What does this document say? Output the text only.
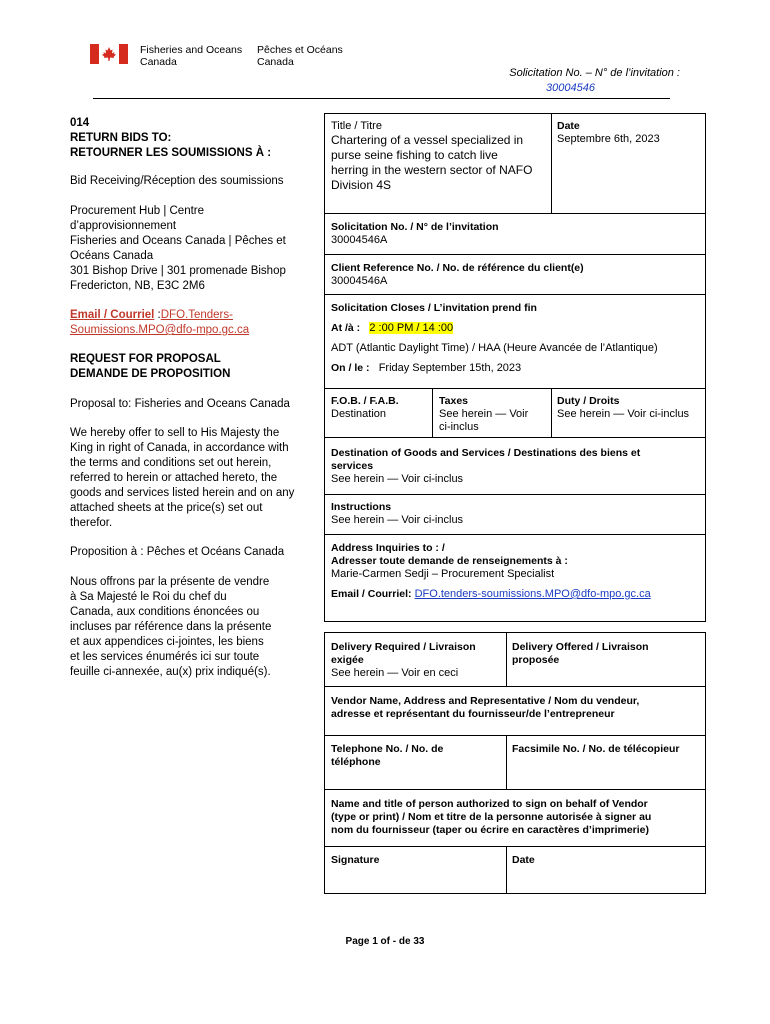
Fisheries and Oceans
Canada
Pêches et Océans
Canada
Solicitation No. – N° de l’invitation :
30004546
014
RETURN BIDS TO:
RETOURNER LES SOUMISSIONS À :
Bid Receiving/Réception des soumissions
Procurement Hub | Centre
d’approvisionnement
Fisheries and Oceans Canada | Pêches et
Océans Canada
301 Bishop Drive | 301 promenade Bishop
Fredericton, NB, E3C 2M6
Email / Courriel :DFO.Tenders-
Soumissions.MPO@dfo-mpo.gc.ca
REQUEST FOR PROPOSAL
DEMANDE DE PROPOSITION
Proposal to: Fisheries and Oceans Canada
We hereby offer to sell to His Majesty the
King in right of Canada, in accordance with
the terms and conditions set out herein,
referred to herein or attached hereto, the
goods and services listed herein and on any
attached sheets at the price(s) set out
therefor.
Proposition à : Pêches et Océans Canada
Nous offrons par la présente de vendre
à Sa Majesté le Roi du chef du
Canada, aux conditions énoncées ou
incluses par référence dans la présente
et aux appendices ci-jointes, les biens
et les services énumérés ici sur toute
feuille ci-annexée, au(x) prix indiqué(s).
Title / Titre
Chartering of a vessel specialized in
purse seine fishing to catch live
herring in the western sector of NAFO
Division 4S
Date
Septembre 6th, 2023
Solicitation No. / N° de l’invitation
30004546A
Client Reference No. / No. de référence du client(e)
30004546A
Solicitation Closes / L’invitation prend fin
At /à : 2 :00 PM / 14 :00
ADT (Atlantic Daylight Time) / HAA (Heure Avancée de l’Atlantique)
On / le : Friday September 15th, 2023
F.O.B. / F.A.B.
Destination
Taxes
See herein — Voir
ci-inclus
Duty / Droits
See herein — Voir ci-inclus
Destination of Goods and Services / Destinations des biens et
services
See herein — Voir ci-inclus
Instructions
See herein — Voir ci-inclus
Address Inquiries to : /
Adresser toute demande de renseignements à :
Marie-Carmen Sedji – Procurement Specialist
Email / Courriel: DFO.tenders-soumissions.MPO@dfo-mpo.gc.ca
Delivery Required / Livraison
exigée
See herein — Voir en ceci
Delivery Offered / Livraison
proposée
Vendor Name, Address and Representative / Nom du vendeur,
adresse et représentant du fournisseur/de l’entrepreneur
Telephone No. / No. de
téléphone
Facsimile No. / No. de télécopieur
Name and title of person authorized to sign on behalf of Vendor
(type or print) / Nom et titre de la personne autorisée à signer au
nom du fournisseur (taper ou écrire en caractères d’imprimerie)
Signature	Date
Page 1 of - de 33
